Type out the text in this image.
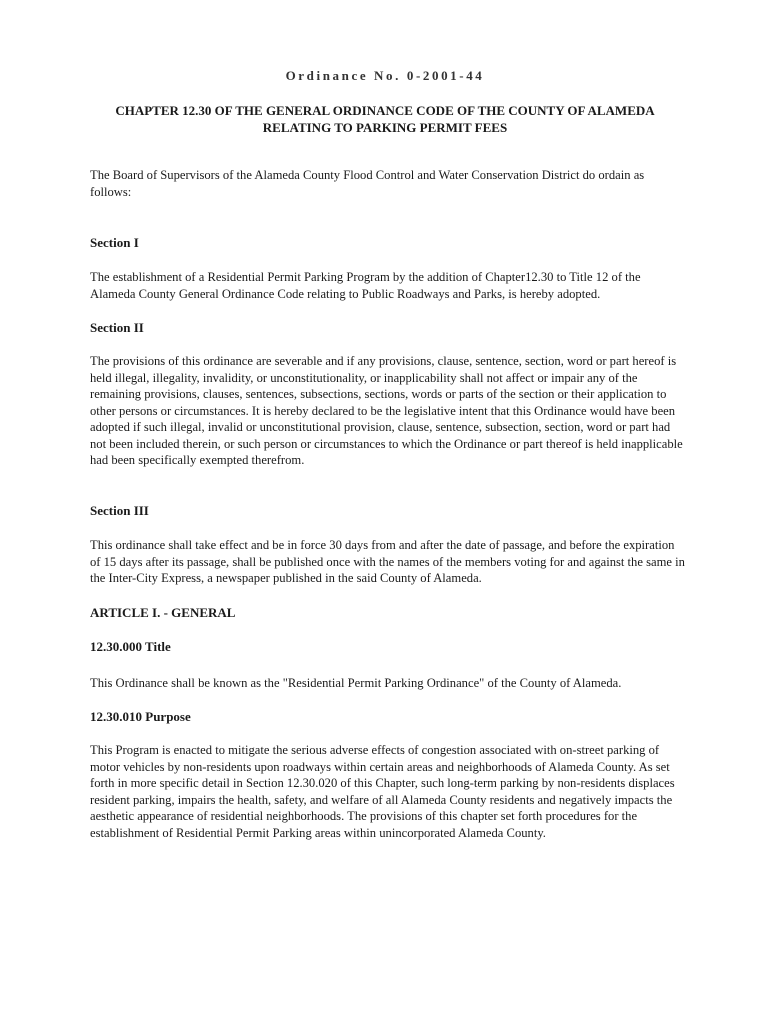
Ordinance No. 0-2001-44
CHAPTER 12.30 OF THE GENERAL ORDINANCE CODE OF THE COUNTY OF ALAMEDA
RELATING TO PARKING PERMIT FEES
The Board of Supervisors of the Alameda County Flood Control and Water Conservation District do ordain as follows:
Section I
The establishment of a Residential Permit Parking Program by the addition of Chapter12.30 to Title 12 of the Alameda County General Ordinance Code relating to Public Roadways and Parks, is hereby adopted.
Section II
The provisions of this ordinance are severable and if any provisions, clause, sentence, section, word or part hereof is held illegal, illegality, invalidity, or unconstitutionality, or inapplicability shall not affect or impair any of the remaining provisions, clauses, sentences, subsections, sections, words or parts of the section or their application to other persons or circumstances. It is hereby declared to be the legislative intent that this Ordinance would have been adopted if such illegal, invalid or unconstitutional provision, clause, sentence, subsection, section, word or part had not been included therein, or such person or circumstances to which the Ordinance or part thereof is held inapplicable had been specifically exempted therefrom.
Section III
This ordinance shall take effect and be in force 30 days from and after the date of passage, and before the expiration of 15 days after its passage, shall be published once with the names of the members voting for and against the same in the Inter-City Express, a newspaper published in the said County of Alameda.
ARTICLE I. - GENERAL
12.30.000 Title
This Ordinance shall be known as the "Residential Permit Parking Ordinance" of the County of Alameda.
12.30.010 Purpose
This Program is enacted to mitigate the serious adverse effects of congestion associated with on-street parking of motor vehicles by non-residents upon roadways within certain areas and neighborhoods of Alameda County. As set forth in more specific detail in Section 12.30.020 of this Chapter, such long-term parking by non-residents displaces resident parking, impairs the health, safety, and welfare of all Alameda County residents and negatively impacts the aesthetic appearance of residential neighborhoods. The provisions of this chapter set forth procedures for the establishment of Residential Permit Parking areas within unincorporated Alameda County.
